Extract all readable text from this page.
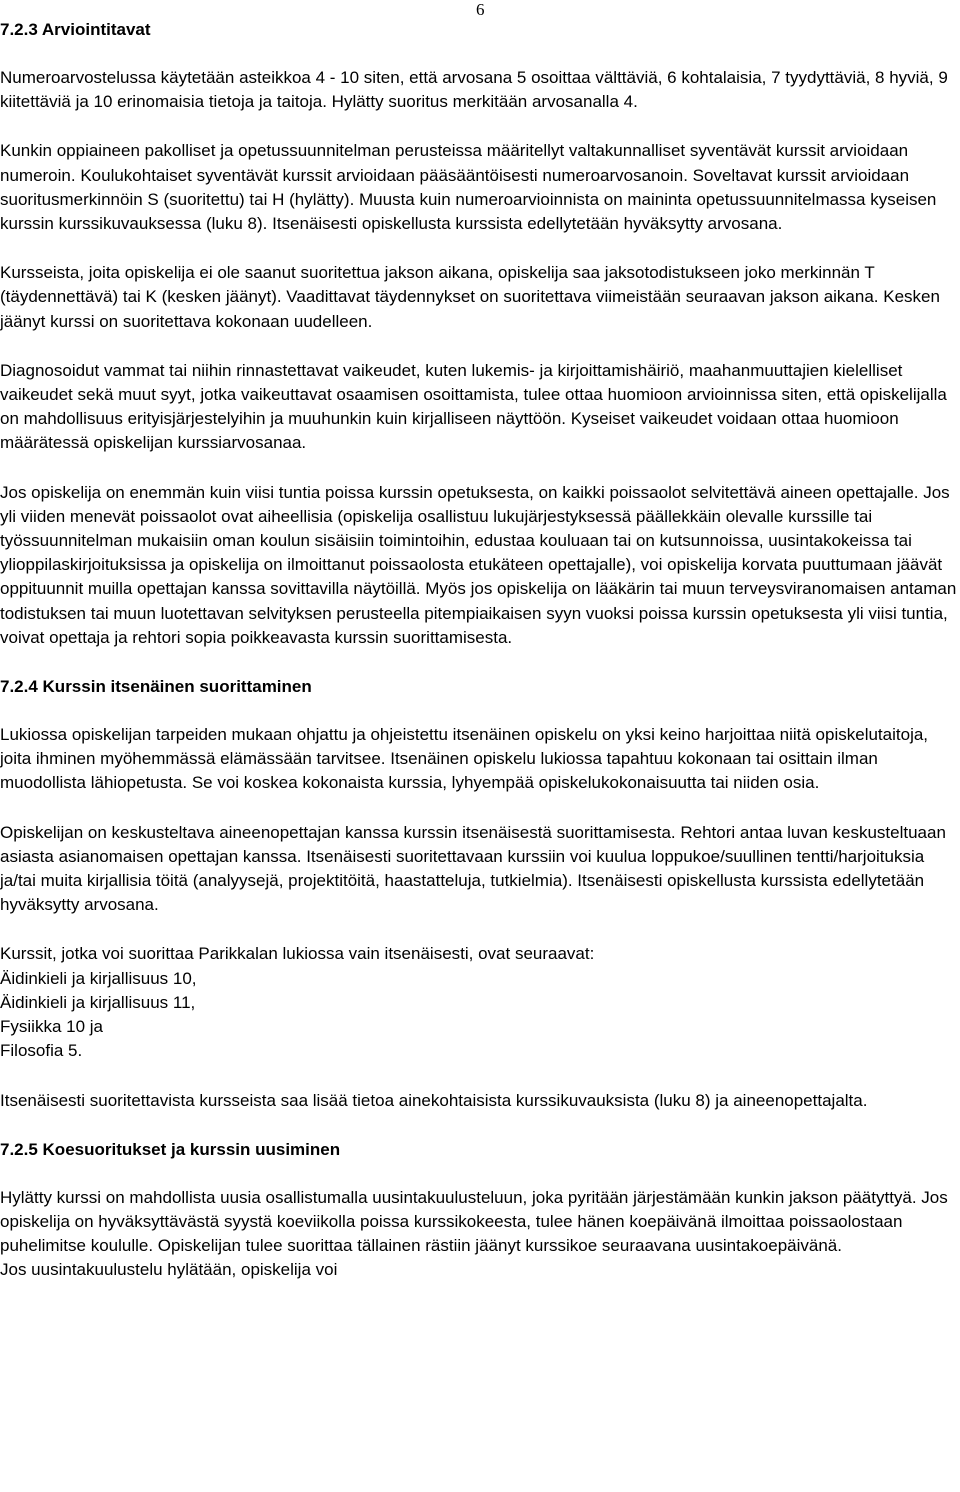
6
7.2.3 Arviointitavat

Numeroarvostelussa käytetään asteikkoa 4 - 10 siten, että arvosana 5 osoittaa välttäviä, 6 kohtalaisia, 7 tyydyttäviä, 8 hyviä, 9 kiitettäviä ja 10 erinomaisia tietoja ja taitoja. Hylätty suoritus merkitään arvosanalla 4.

Kunkin oppiaineen pakolliset ja opetussuunnitelman perusteissa määritellyt valtakunnalliset syventävät kurssit arvioidaan numeroin. Koulukohtaiset syventävät kurssit arvioidaan pääsääntöisesti numeroarvosanoin. Soveltavat kurssit arvioidaan suoritusmerkinnöin S (suoritettu) tai H (hylätty). Muusta kuin numeroarvioinnista on maininta opetussuunnitelmassa kyseisen kurssin kurssikuvauksessa (luku 8). Itsenäisesti opiskellusta kurssista edellytetään hyväksytty arvosana.

Kursseista, joita opiskelija ei ole saanut suoritettua jakson aikana, opiskelija saa jaksotodistukseen joko merkinnän T (täydennettävä) tai K (kesken jäänyt). Vaadittavat täydennykset on suoritettava viimeistään seuraavan jakson aikana. Kesken jäänyt kurssi on suoritettava kokonaan uudelleen.

Diagnosoidut vammat tai niihin rinnastettavat vaikeudet, kuten lukemis- ja kirjoittamishäiriö, maahanmuuttajien kielelliset vaikeudet sekä muut syyt, jotka vaikeuttavat osaamisen osoittamista, tulee ottaa huomioon arvioinnissa siten, että opiskelijalla on mahdollisuus erityisjärjestelyihin ja muuhunkin kuin kirjalliseen näyttöön. Kyseiset vaikeudet voidaan ottaa huomioon määrätessä opiskelijan kurssiarvosanaa.

Jos opiskelija on enemmän kuin viisi tuntia poissa kurssin opetuksesta, on kaikki poissaolot selvitettävä aineen opettajalle. Jos yli viiden menevät poissaolot ovat aiheellisia (opiskelija osallistuu lukujärjestyksessä päällekkäin olevalle kurssille tai työssuunnitelman mukaisiin oman koulun sisäisiin toimintoihin, edustaa kouluaan tai on kutsunnoissa, uusintakokeissa tai ylioppilaskirjoituksissa ja opiskelija on ilmoittanut poissaolosta etukäteen opettajalle), voi opiskelija korvata puuttumaan jäävät oppituunnit muilla opettajan kanssa sovittavilla näytöillä. Myös jos opiskelija on lääkärin tai muun terveysviranomaisen antaman todistuksen tai muun luotettavan selvityksen perusteella pitempiaikaisen syyn vuoksi poissa kurssin opetuksesta yli viisi tuntia, voivat opettaja ja rehtori sopia poikkeavasta kurssin suorittamisesta.

7.2.4 Kurssin itsenäinen suorittaminen

Lukiossa opiskelijan tarpeiden mukaan ohjattu ja ohjeistettu itsenäinen opiskelu on yksi keino harjoittaa niitä opiskelutaitoja, joita ihminen myöhemmässä elämässään tarvitsee. Itsenäinen opiskelu lukiossa tapahtuu kokonaan tai osittain ilman muodollista lähiopetusta. Se voi koskea kokonaista kurssia, lyhyempää opiskelukokonaisuutta tai niiden osia.

Opiskelijan on keskusteltava aineenopettajan kanssa kurssin itsenäisestä suorittamisesta. Rehtori antaa luvan keskusteltuaan asiasta asianomaisen opettajan kanssa. Itsenäisesti suoritettavaan kurssiin voi kuulua loppukoe/suullinen tentti/harjoituksia ja/tai muita kirjallisia töitä (analyysejä, projektitöitä, haastatteluja, tutkielmia). Itsenäisesti opiskellusta kurssista edellytetään hyväksytty arvosana.

Kurssit, jotka voi suorittaa Parikkalan lukiossa vain itsenäisesti, ovat seuraavat:

Äidinkieli ja kirjallisuus 10,

Äidinkieli ja kirjallisuus 11,

Fysiikka 10 ja

Filosofia 5.

Itsenäisesti suoritettavista kursseista saa lisää tietoa ainekohtaisista kurssikuvauksista (luku 8) ja aineenopettajalta.

7.2.5 Koesuoritukset ja kurssin uusiminen

Hylätty kurssi on mahdollista uusia osallistumalla uusintakuulusteluun, joka pyritään järjestämään kunkin jakson päätyttyä. Jos opiskelija on hyväksyttävästä syystä koeviikolla poissa kurssikokeesta, tulee hänen koepäivänä ilmoittaa poissaolostaan puhelimitse koululle. Opiskelijan tulee suorittaa tällainen rästiin jäänyt kurssikoe seuraavana uusintakoepäivänä.

Jos uusintakuulustelu hylätään, opiskelija voi
